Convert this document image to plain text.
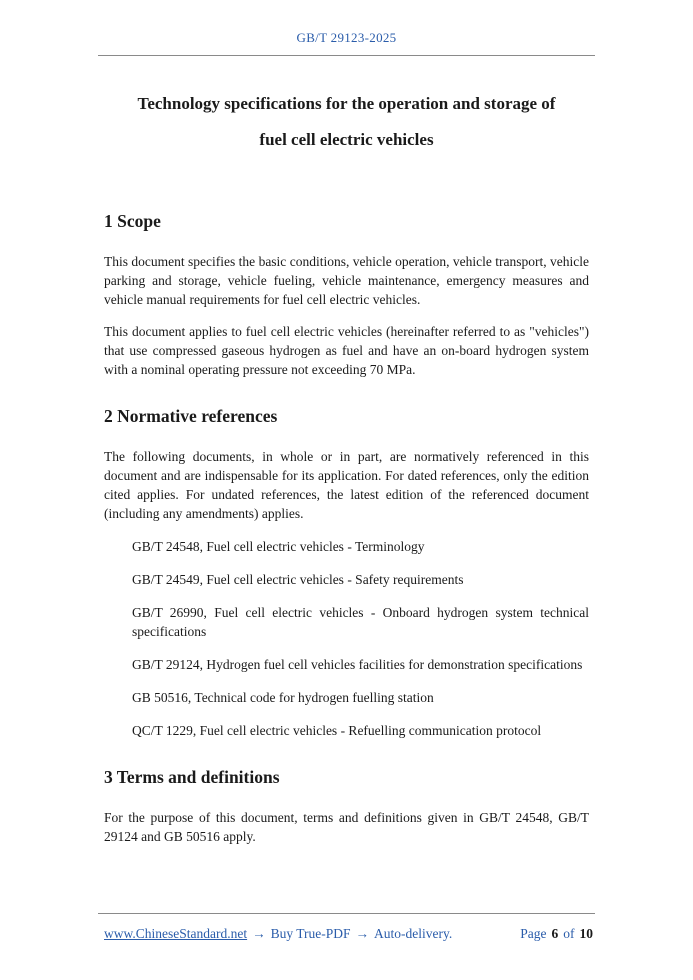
GB/T 29123-2025
Technology specifications for the operation and storage of
fuel cell electric vehicles
1 Scope

This document specifies the basic conditions, vehicle operation, vehicle transport, vehicle parking and storage, vehicle fueling, vehicle maintenance, emergency measures and vehicle manual requirements for fuel cell electric vehicles.

This document applies to fuel cell electric vehicles (hereinafter referred to as "vehicles") that use compressed gaseous hydrogen as fuel and have an on-board hydrogen system with a nominal operating pressure not exceeding 70 MPa.

2 Normative references

The following documents, in whole or in part, are normatively referenced in this document and are indispensable for its application. For dated references, only the edition cited applies. For undated references, the latest edition of the referenced document (including any amendments) applies.

GB/T 24548, Fuel cell electric vehicles - Terminology

GB/T 24549, Fuel cell electric vehicles - Safety requirements

GB/T 26990, Fuel cell electric vehicles - Onboard hydrogen system technical specifications

GB/T 29124, Hydrogen fuel cell vehicles facilities for demonstration specifications

GB 50516, Technical code for hydrogen fuelling station

QC/T 1229, Fuel cell electric vehicles - Refuelling communication protocol

3 Terms and definitions

For the purpose of this document, terms and definitions given in GB/T 24548, GB/T 29124 and GB 50516 apply.

www.ChineseStandard.net → Buy True-PDF → Auto-delivery.	Page 6 of 10
